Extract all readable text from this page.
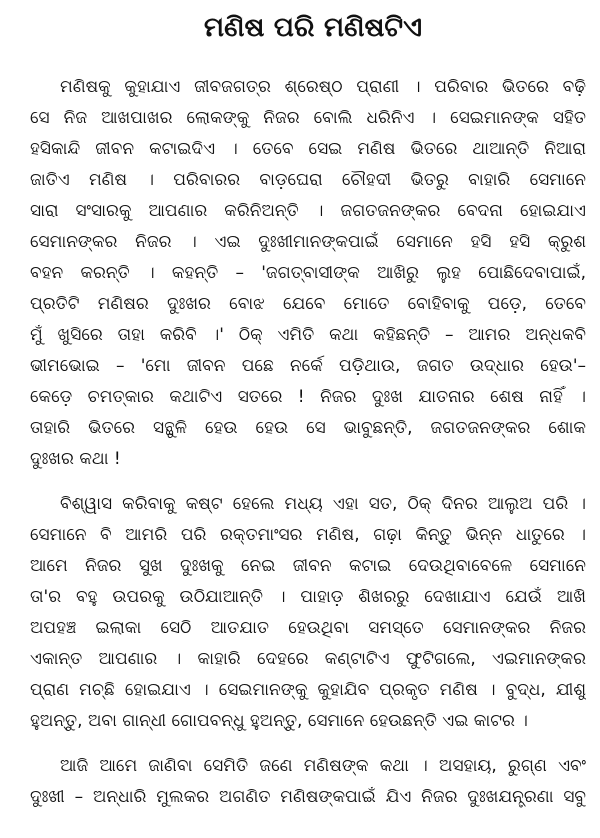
ମଣିଷ ପରି ମଣିଷଟିଏ
ମଣିଷକୁ କୁହାଯାଏ ଜୀବଜଗତ୍‌ର ଶ୍ରେଷ୍ଠ ପ୍ରାଣୀ । ପରିବାର ଭିତରେ ବଢ଼ି
ସେ ନିଜ ଆଖପାଖର ଲୋକଙ୍କୁ ନିଜର ବୋଲି ଧରିନିଏ । ସେଇମାନଙ୍କ ସହିତ
ହସିକାନ୍ଦି ଜୀବନ କଟାଇଦିଏ । ତେବେ ସେଇ ମଣିଷ ଭିତରେ ଥାଆନ୍ତି ନିଆରା
ଜାତିଏ ମଣିଷ । ପରିବାରର ବାଡ଼ଘେରା ଚୌହଦୀ ଭିତରୁ ବାହାରି ସେମାନେ
ସାରା ସଂସାରକୁ ଆପଣାର କରିନିଅନ୍ତି । ଜଗତଜନଙ୍କର ବେଦନା ହୋଇଯାଏ
ସେମାନଙ୍କର ନିଜର । ଏଇ ଦୁଃଖୀମାନଙ୍କପାଇଁ ସେମାନେ ହସି ହସି କ୍ରୁଶ
ବହନ କରନ୍ତି । କହନ୍ତି – 'ଜଗତ୍‌ବାସୀଙ୍କ ଆଖିରୁ ଲୁହ ପୋଛିଦେବାପାଇଁ,
ପ୍ରତିଟି ମଣିଷର ଦୁଃଖର ବୋଝ ଯେବେ ମୋତେ ବୋହିବାକୁ ପଡ଼େ, ତେବେ
ମୁଁ ଖୁସିରେ ତାହା କରିବି ।' ଠିକ୍ ଏମିତି କଥା କହିଛନ୍ତି – ଆମର ଅନ୍ଧକବି
ଭୀମଭୋଇ – 'ମୋ ଜୀବନ ପଛେ ନର୍କେ ପଡ଼ିଥାଉ, ଜଗତ ଉଦ୍ଧାର ହେଉ'–
କେଡ଼େ ଚମତ୍କାର କଥାଟିଏ ସତରେ ! ନିଜର ଦୁଃଖ ଯାତନାର ଶେଷ ନାହିଁ ।
ତାହାରି ଭିତରେ ସନ୍ଥୁଳି ହେଉ ହେଉ ସେ ଭାବୁଛନ୍ତି, ଜଗତଜନଙ୍କର ଶୋକ
ଦୁଃଖର କଥା !
ବିଶ୍ୱାସ କରିବାକୁ କଷ୍ଟ ହେଲେ ମଧ୍ୟ ଏହା ସତ, ଠିକ୍ ଦିନର ଆଲୁଅ ପରି ।
ସେମାନେ ବି ଆମରି ପରି ରକ୍ତମାଂସର ମଣିଷ, ଗଢ଼ା କିନ୍ତୁ ଭିନ୍ନ ଧାତୁରେ ।
ଆମେ ନିଜର ସୁଖ ଦୁଃଖକୁ ନେଇ ଜୀବନ କଟାଇ ଦେଉଥିବାବେଳେ ସେମାନେ
ତା'ର ବହୁ ଉପରକୁ ଉଠିଯାଆନ୍ତି । ପାହାଡ଼ ଶିଖରରୁ ଦେଖାଯାଏ ଯେଉଁ ଆଖି
ଅପହଞ୍ଚ ଇଲାକା ସେଠି ଆତଯାତ ହେଉଥିବା ସମସ୍ତେ ସେମାନଙ୍କର ନିଜର
ଏକାନ୍ତ ଆପଣାର । କାହାରି ଦେହରେ କଣ୍ଟାଟିଏ ଫୁଟିଗଲେ, ଏଇମାନଙ୍କର
ପ୍ରାଣ ମଚ୍ଛି ହୋଇଯାଏ । ସେଇମାନଙ୍କୁ କୁହାଯିବ ପ୍ରକୃତ ମଣିଷ । ବୁଦ୍ଧ, ଯୀଶୁ
ହୁଅନ୍ତୁ, ଅବା ଗାନ୍ଧୀ ଗୋପବନ୍ଧୁ ହୁଅନ୍ତୁ, ସେମାନେ ହେଉଛନ୍ତି ଏଇ କାଟର ।
ଆଜି ଆମେ ଜାଣିବା ସେମିତି ଜଣେ ମଣିଷଙ୍କ କଥା । ଅସହାୟ, ରୁଗ୍ଣ ଏବଂ
ଦୁଃଖୀ – ଅନ୍ଧାରି ମୁଲକର ଅଗଣିତ ମଣିଷଙ୍କପାଇଁ ଯିଏ ନିଜର ଦୁଃଖଯନ୍ତ୍ରଣା ସବୁ
